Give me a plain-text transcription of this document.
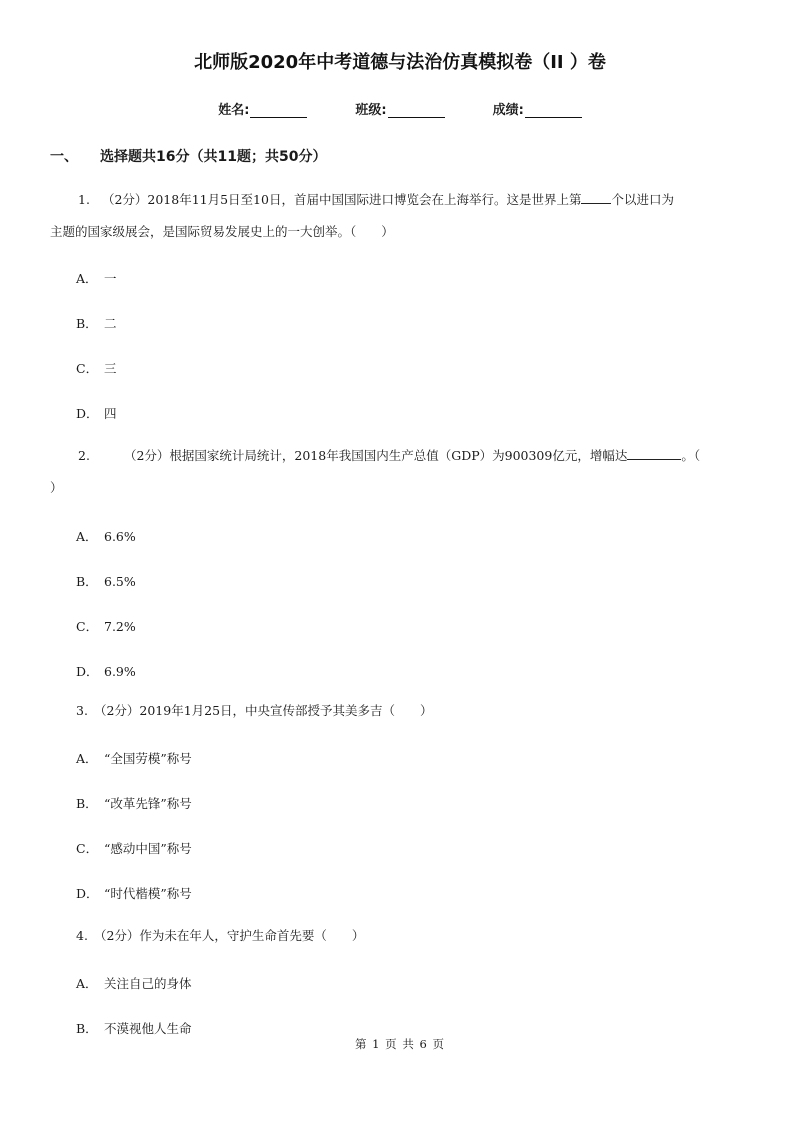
北师版2020年中考道德与法治仿真模拟卷（II ）卷
姓名:	班级:	成绩:
一、 选择题共16分（共11题；共50分）
1. （2分）2018年11月5日至10日，首届中国国际进口博览会在上海举行。这是世界上第 个以进口为
主题的国家级展会，是国际贸易发展史上的一大创举。（　　）
A． 一
B． 二
C． 三
D． 四
2.	（2分）根据国家统计局统计，2018年我国国内生产总值（GDP）为900309亿元，增幅达	。（
）
A． 6.6%
B． 6.5%
C． 7.2%
D． 6.9%
3. （2分）2019年1月25日，中央宣传部授予其美多吉（　　）
A． “全国劳模”称号
B． “改革先锋”称号
C． “感动中国”称号
D． “时代楷模”称号
4. （2分）作为未在年人，守护生命首先要（　　）
A． 关注自己的身体
B． 不漠视他人生命
第 1 页 共 6 页
